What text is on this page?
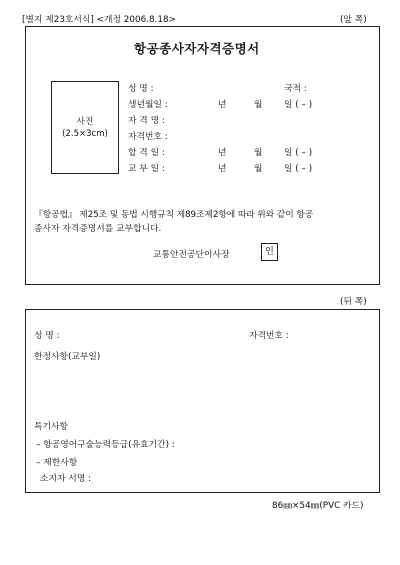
[별지 제23호서식] <개정 2006.8.18>	(앞 쪽)
항공종사자자격증명서
사진
(2.5×3cm)
성 명 :	국적 :
생년월일 :	년	월 일 ( – )
자 격 명 :
자격번호 :
합 격 일 :	년	월 일 ( – )
교 부 일 :	년	월 일 ( – )
『항공법』 제25조 및 동법 시행규칙 제89조제2항에 따라 위와 같이 항공
종사자 자격증명서를 교부합니다.
교통안전공단이사장	인
(뒤 쪽)
성 명 :	자격번호 :
한정사항(교부일)
특기사항
– 항공영어구술능력등급(유효기간) :
– 제한사항
소지자 서명 :
86㎜×54㎜(PVC 카드)
